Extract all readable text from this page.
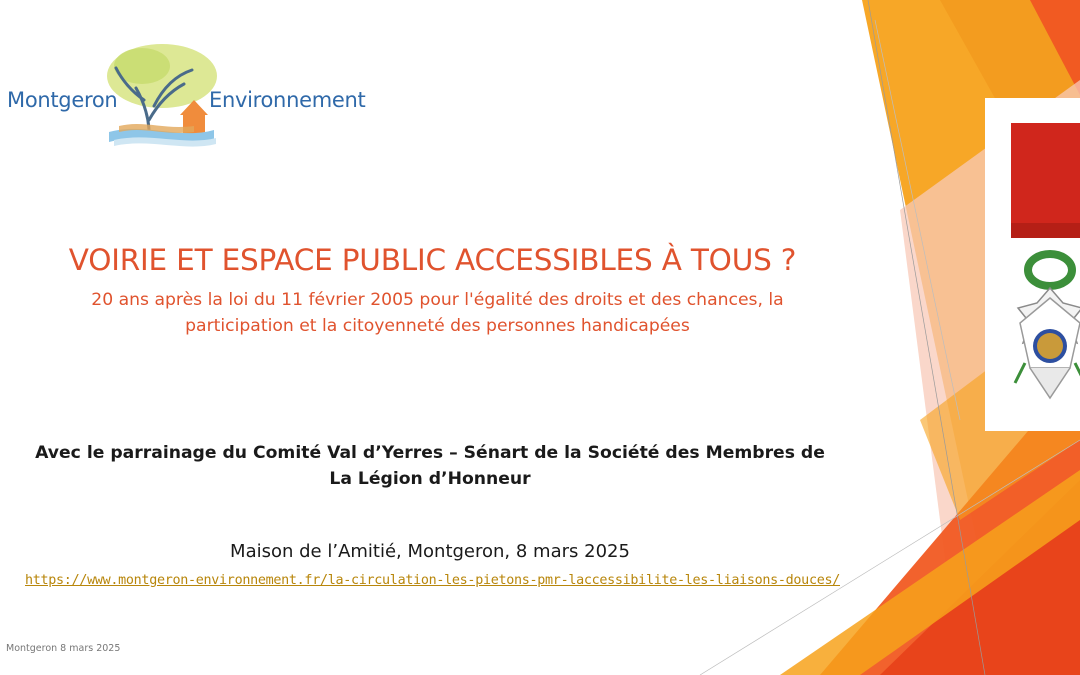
Montgeron	Environnement
VOIRIE ET ESPACE PUBLIC ACCESSIBLES À TOUS ?
20 ans après la loi du 11 février 2005 pour l'égalité des droits et des chances, la
participation et la citoyenneté des personnes handicapées
Avec le parrainage du Comité Val d’Yerres – Sénart de la Société des Membres de
La Légion d’Honneur
Maison de l’Amitié, Montgeron, 8 mars 2025
https://www.montgeron-environnement.fr/la-circulation-les-pietons-pmr-laccessibilite-les-liaisons-douces/
Montgeron 8 mars 2025
